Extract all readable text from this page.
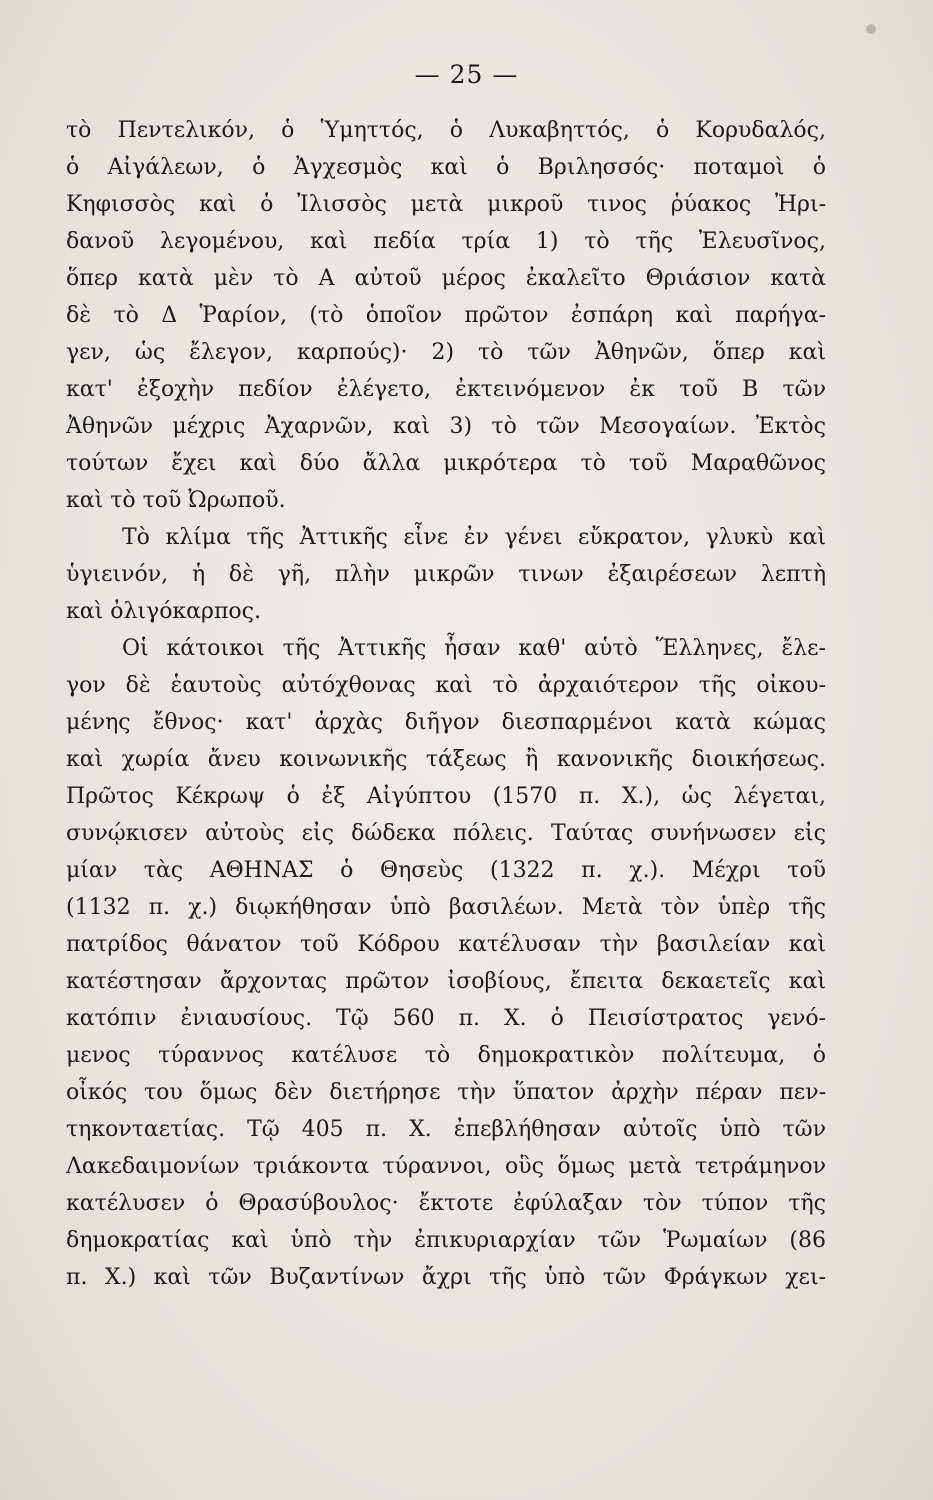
— 25 —
τὸ Πεντελικόν, ὁ Ὑμηττός, ὁ Λυκαβηττός, ὁ Κορυδαλός,
ὁ Αἰγάλεων, ὁ Ἀγχεσμὸς καὶ ὁ Βριλησσός· ποταμοὶ ὁ
Κηφισσὸς καὶ ὁ Ἰλισσὸς μετὰ μικροῦ τινος ῥύακος Ἠρι-
δανοῦ λεγομένου, καὶ πεδία τρία 1) τὸ τῆς Ἐλευσῖνος,
ὅπερ κατὰ μὲν τὸ Α αὐτοῦ μέρος ἐκαλεῖτο Θριάσιον κατὰ
δὲ τὸ Δ Ῥαρίον, (τὸ ὁποῖον πρῶτον ἐσπάρη καὶ παρήγα-
γεν, ὡς ἔλεγον, καρπούς)· 2) τὸ τῶν Ἀθηνῶν, ὅπερ καὶ
κατ' ἐξοχὴν πεδίον ἐλέγετο, ἐκτεινόμενον ἐκ τοῦ Β τῶν
Ἀθηνῶν μέχρις Ἀχαρνῶν, καὶ 3) τὸ τῶν Μεσογαίων. Ἐκτὸς
τούτων ἔχει καὶ δύο ἄλλα μικρότερα τὸ τοῦ Μαραθῶνος
καὶ τὸ τοῦ Ὠρωποῦ.
Τὸ κλίμα τῆς Ἀττικῆς εἶνε ἐν γένει εὔκρατον, γλυκὺ καὶ
ὑγιεινόν, ἡ δὲ γῆ, πλὴν μικρῶν τινων ἐξαιρέσεων λεπτὴ
καὶ ὀλιγόκαρπος.
Οἱ κάτοικοι τῆς Ἀττικῆς ἦσαν καθ' αὑτὸ Ἕλληνες, ἔλε-
γον δὲ ἑαυτοὺς αὐτόχθονας καὶ τὸ ἀρχαιότερον τῆς οἰκου-
μένης ἔθνος· κατ' ἀρχὰς διῆγον διεσπαρμένοι κατὰ κώμας
καὶ χωρία ἄνευ κοινωνικῆς τάξεως ἢ κανονικῆς διοικήσεως.
Πρῶτος Κέκρωψ ὁ ἐξ Αἰγύπτου (1570 π. Χ.), ὡς λέγεται,
συνῴκισεν αὐτοὺς εἰς δώδεκα πόλεις. Ταύτας συνήνωσεν εἰς
μίαν τὰς ΑΘΗΝΑΣ ὁ Θησεὺς (1322 π. χ.). Μέχρι τοῦ
(1132 π. χ.) διῳκήθησαν ὑπὸ βασιλέων. Μετὰ τὸν ὑπὲρ τῆς
πατρίδος θάνατον τοῦ Κόδρου κατέλυσαν τὴν βασιλείαν καὶ
κατέστησαν ἄρχοντας πρῶτον ἰσοβίους, ἔπειτα δεκαετεῖς καὶ
κατόπιν ἐνιαυσίους. Τῷ 560 π. Χ. ὁ Πεισίστρατος γενό-
μενος τύραννος κατέλυσε τὸ δημοκρατικὸν πολίτευμα, ὁ
οἶκός του ὅμως δὲν διετήρησε τὴν ὕπατον ἀρχὴν πέραν πεν-
τηκονταετίας. Τῷ 405 π. Χ. ἐπεβλήθησαν αὐτοῖς ὑπὸ τῶν
Λακεδαιμονίων τριάκοντα τύραννοι, οὓς ὅμως μετὰ τετράμηνον
κατέλυσεν ὁ Θρασύβουλος· ἔκτοτε ἐφύλαξαν τὸν τύπον τῆς
δημοκρατίας καὶ ὑπὸ τὴν ἐπικυριαρχίαν τῶν Ῥωμαίων (86
π. Χ.) καὶ τῶν Βυζαντίνων ἄχρι τῆς ὑπὸ τῶν Φράγκων χει-
